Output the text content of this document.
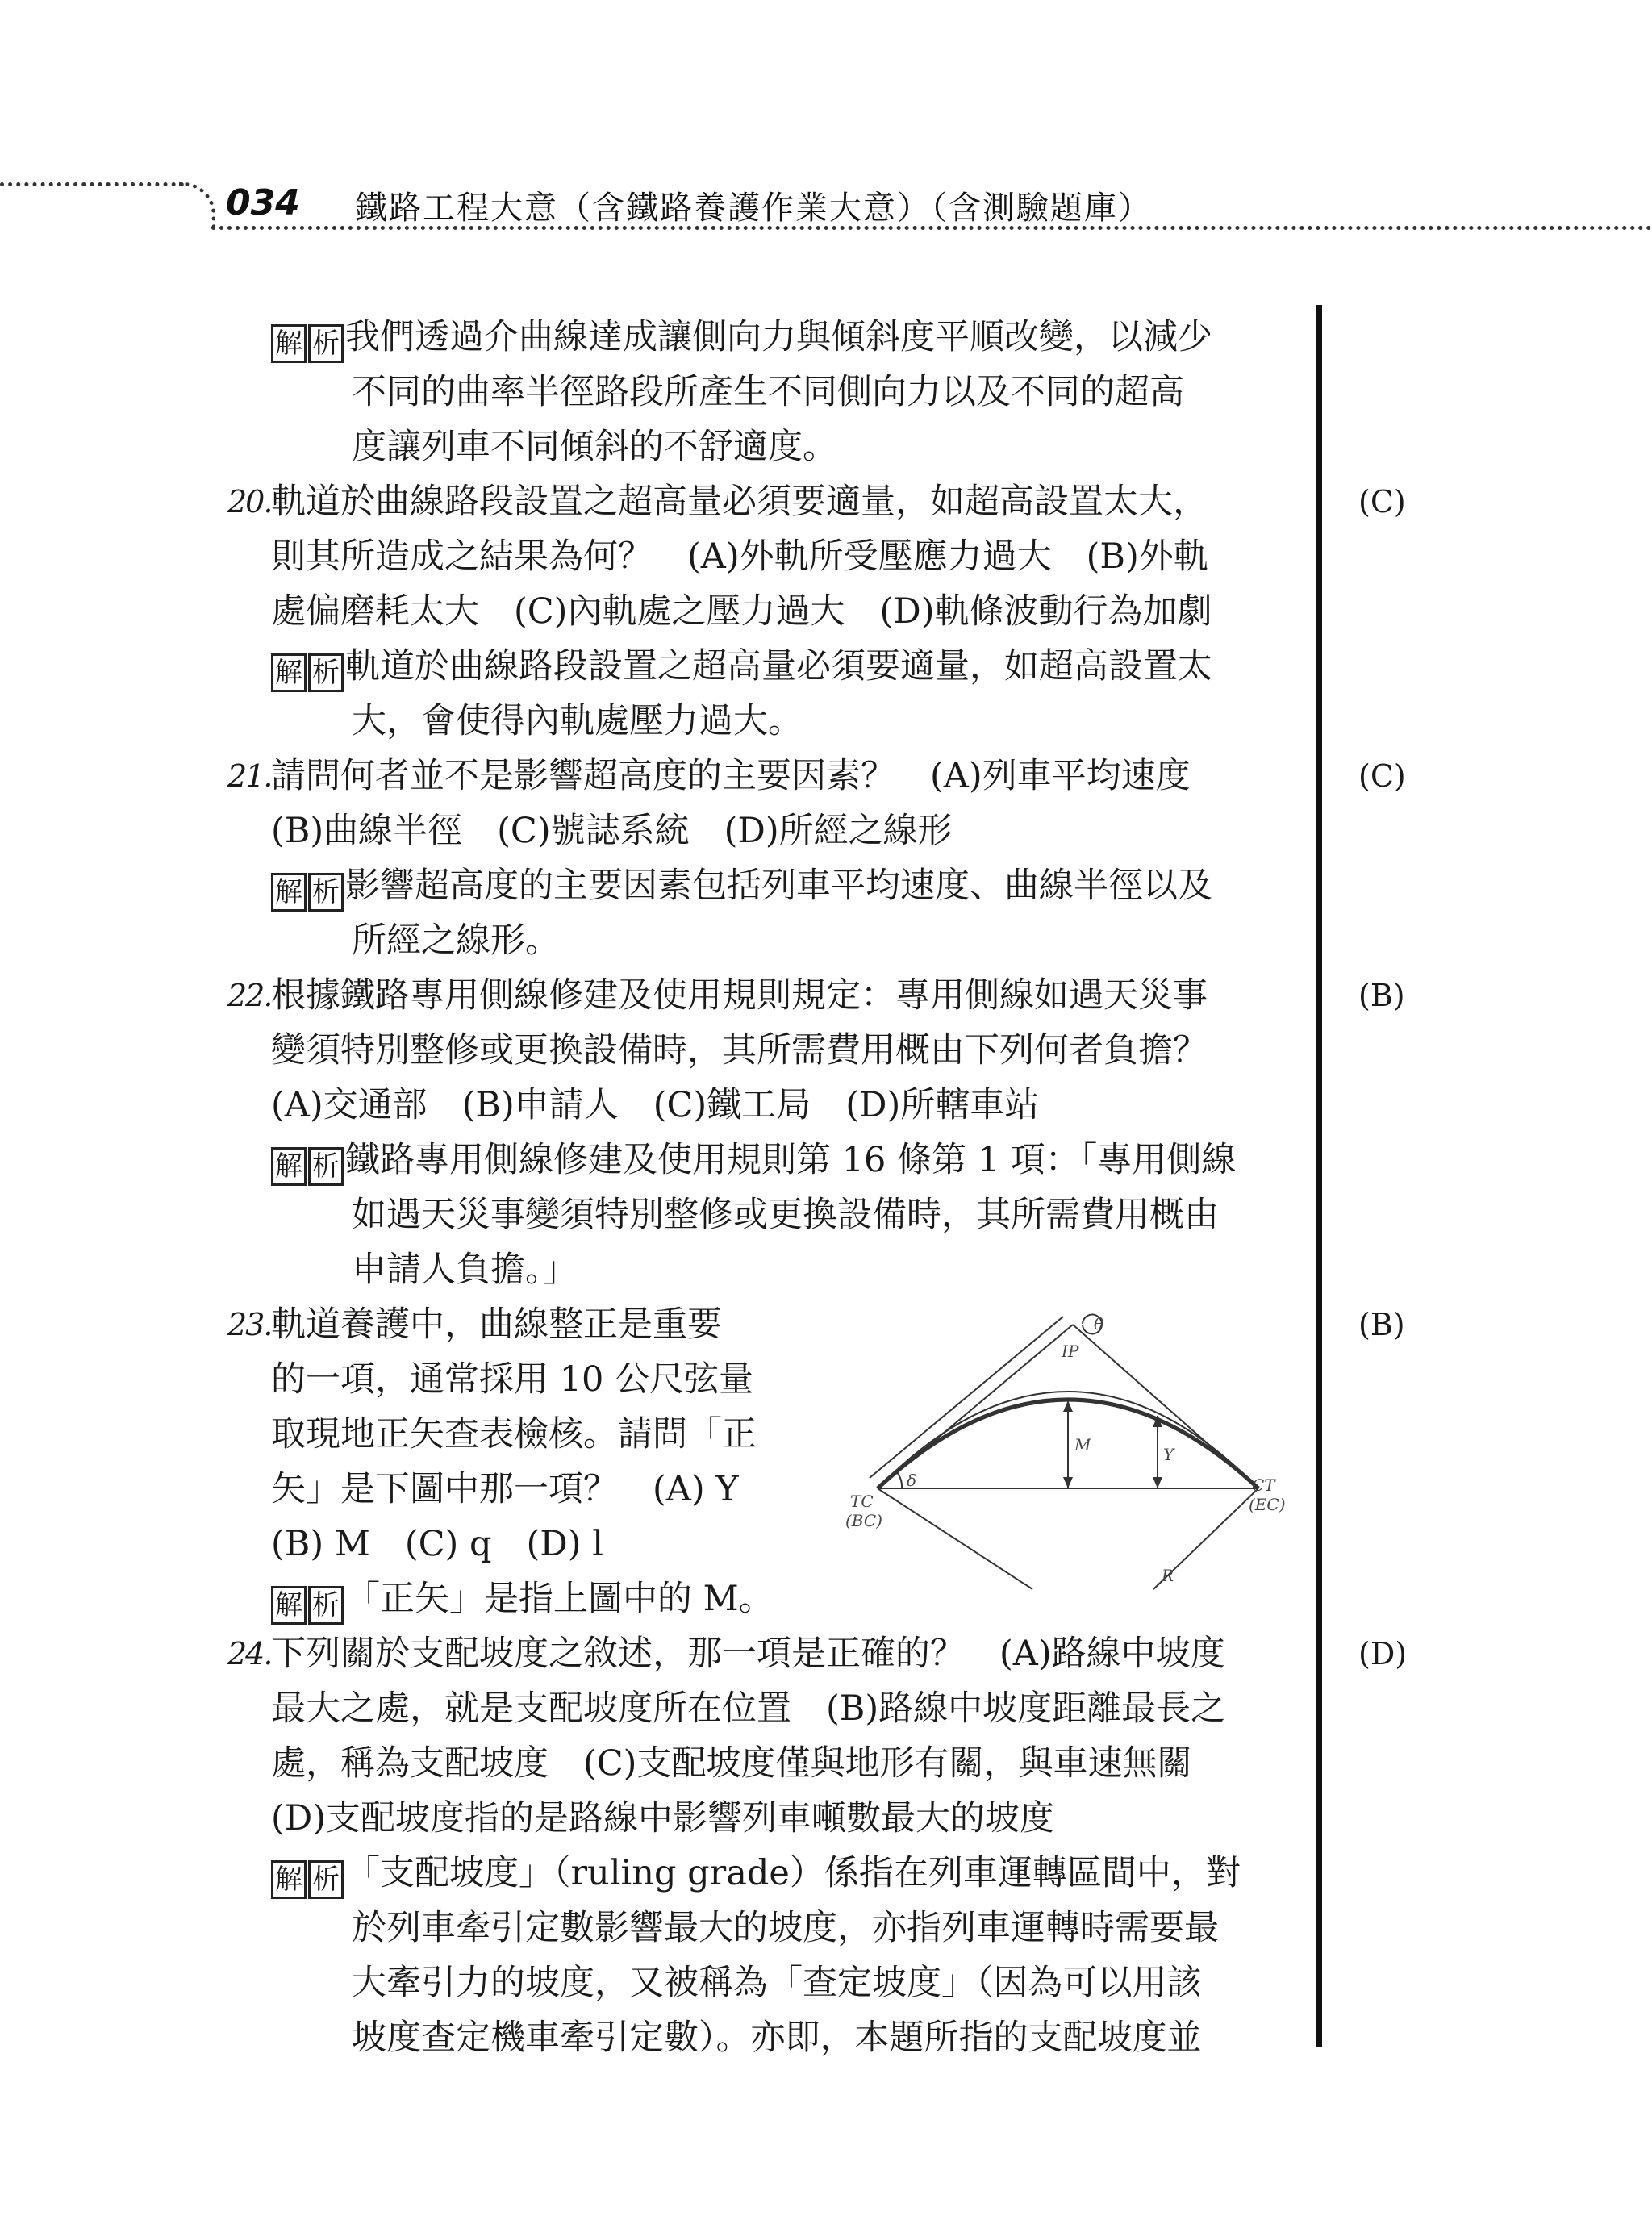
034 鐵路工程大意（含鐵路養護作業大意）（含測驗題庫）
解 析 我們透過介曲線達成讓側向力與傾斜度平順改變，以減少
不同的曲率半徑路段所產生不同側向力以及不同的超高
度讓列車不同傾斜的不舒適度。
20.	(C)
軌道於曲線路段設置之超高量必須要適量，如超高設置太大，
則其所造成之結果為何？　(A)外軌所受壓應力過大　(B)外軌
處偏磨耗太大　(C)內軌處之壓力過大　(D)軌條波動行為加劇
解 析 軌道於曲線路段設置之超高量必須要適量，如超高設置太
大，會使得內軌處壓力過大。
21.	(C)
請問何者並不是影響超高度的主要因素？　(A)列車平均速度
(B)曲線半徑　(C)號誌系統　(D)所經之線形
解 析 影響超高度的主要因素包括列車平均速度、曲線半徑以及
所經之線形。
22.	(B)
根據鐵路專用側線修建及使用規則規定：專用側線如遇天災事
變須特別整修或更換設備時，其所需費用概由下列何者負擔？
(A)交通部　(B)申請人　(C)鐵工局　(D)所轄車站
解 析 鐵路專用側線修建及使用規則第 16 條第 1 項：「專用側線
如遇天災事變須特別整修或更換設備時，其所需費用概由
申請人負擔。」
23.	(B)
軌道養護中，曲線整正是重要
的一項，通常採用 10 公尺弦量
取現地正矢查表檢核。請問「正
矢」是下圖中那一項？　(A) Y
(B) M　(C) q　(D) l
解 析 「正矢」是指上圖中的 M。
θ
IP
M	Y
δ
TC
(BC)
CT
(EC)
R
24.	(D)
下列關於支配坡度之敘述，那一項是正確的？　(A)路線中坡度
最大之處，就是支配坡度所在位置　(B)路線中坡度距離最長之
處，稱為支配坡度　(C)支配坡度僅與地形有關，與車速無關
(D)支配坡度指的是路線中影響列車噸數最大的坡度
解 析 「支配坡度」（ruling grade）係指在列車運轉區間中，對
於列車牽引定數影響最大的坡度，亦指列車運轉時需要最
大牽引力的坡度，又被稱為「查定坡度」（因為可以用該
坡度查定機車牽引定數）。亦即，本題所指的支配坡度並
